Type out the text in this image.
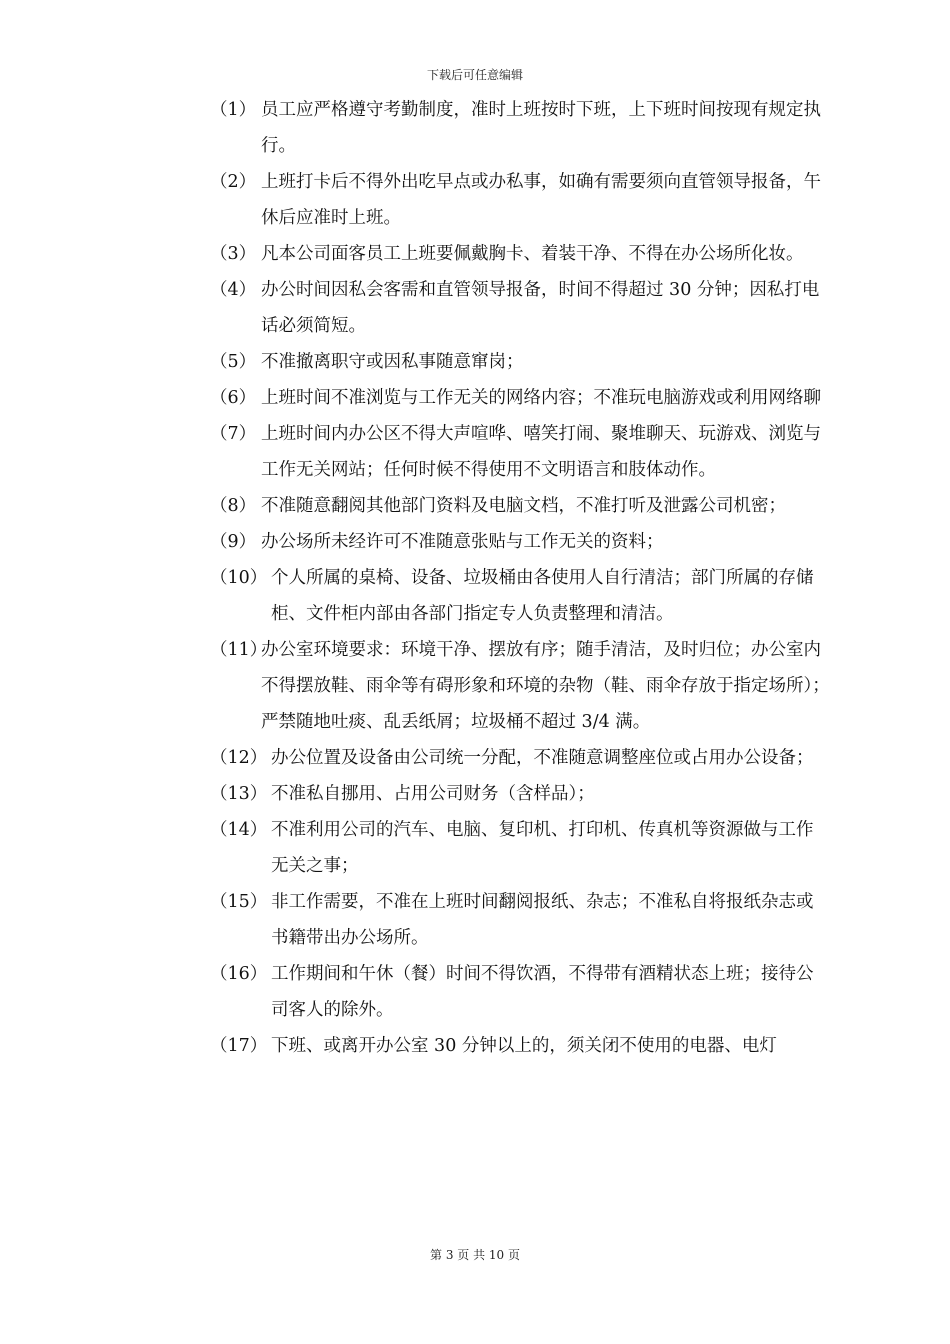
下载后可任意编辑
（1） 员工应严格遵守考勤制度，准时上班按时下班，上下班时间按现有规定执行。
（2） 上班打卡后不得外出吃早点或办私事，如确有需要须向直管领导报备，午休后应准时上班。
（3） 凡本公司面客员工上班要佩戴胸卡、着装干净、不得在办公场所化妆。
（4） 办公时间因私会客需和直管领导报备，时间不得超过 30 分钟；因私打电话必须简短。
（5） 不准撤离职守或因私事随意窜岗；
（6） 上班时间不准浏览与工作无关的网络内容；不准玩电脑游戏或利用网络聊
（7） 上班时间内办公区不得大声喧哗、嘻笑打闹、聚堆聊天、玩游戏、浏览与工作无关网站；任何时候不得使用不文明语言和肢体动作。
（8） 不准随意翻阅其他部门资料及电脑文档，不准打听及泄露公司机密；
（9） 办公场所未经许可不准随意张贴与工作无关的资料；
（10） 个人所属的桌椅、设备、垃圾桶由各使用人自行清洁；部门所属的存储柜、文件柜内部由各部门指定专人负责整理和清洁。
（11）
办公室环境要求：环境干净、摆放有序；随手清洁，及时归位；办公室内不得摆放鞋、雨伞等有碍形象和环境的杂物（鞋、雨伞存放于指定场所）；严禁随地吐痰、乱丢纸屑；垃圾桶不超过 3/4 满。
（12） 办公位置及设备由公司统一分配，不准随意调整座位或占用办公设备；
（13） 不准私自挪用、占用公司财务（含样品）；
（14） 不准利用公司的汽车、电脑、复印机、打印机、传真机等资源做与工作无关之事；
（15） 非工作需要，不准在上班时间翻阅报纸、杂志；不准私自将报纸杂志或书籍带出办公场所。
（16） 工作期间和午休（餐）时间不得饮酒，不得带有酒精状态上班；接待公司客人的除外。
（17） 下班、或离开办公室 30 分钟以上的，须关闭不使用的电器、电灯
第 3 页 共 10 页
